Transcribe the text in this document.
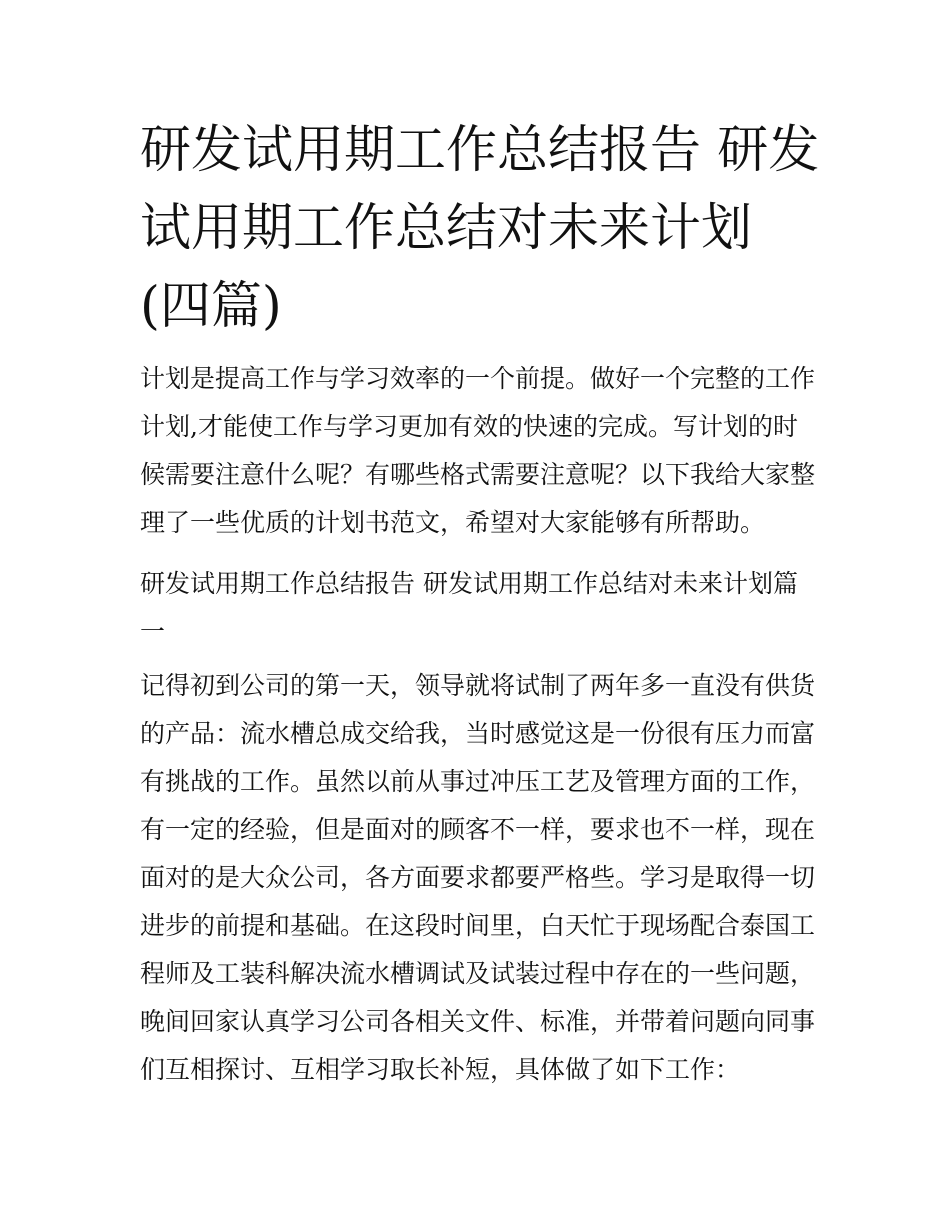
研发试用期工作总结报告 研发试用期工作总结对未来计划(四篇)

计划是提高工作与学习效率的一个前提。做好一个完整的工作计划,才能使工作与学习更加有效的快速的完成。写计划的时候需要注意什么呢？有哪些格式需要注意呢？以下我给大家整理了一些优质的计划书范文，希望对大家能够有所帮助。

研发试用期工作总结报告 研发试用期工作总结对未来计划篇一

记得初到公司的第一天，领导就将试制了两年多一直没有供货的产品：流水槽总成交给我，当时感觉这是一份很有压力而富有挑战的工作。虽然以前从事过冲压工艺及管理方面的工作，有一定的经验，但是面对的顾客不一样，要求也不一样，现在面对的是大众公司，各方面要求都要严格些。学习是取得一切进步的前提和基础。在这段时间里，白天忙于现场配合泰国工程师及工装科解决流水槽调试及试装过程中存在的一些问题，晚间回家认真学习公司各相关文件、标准，并带着问题向同事们互相探讨、互相学习取长补短，具体做了如下工作：
